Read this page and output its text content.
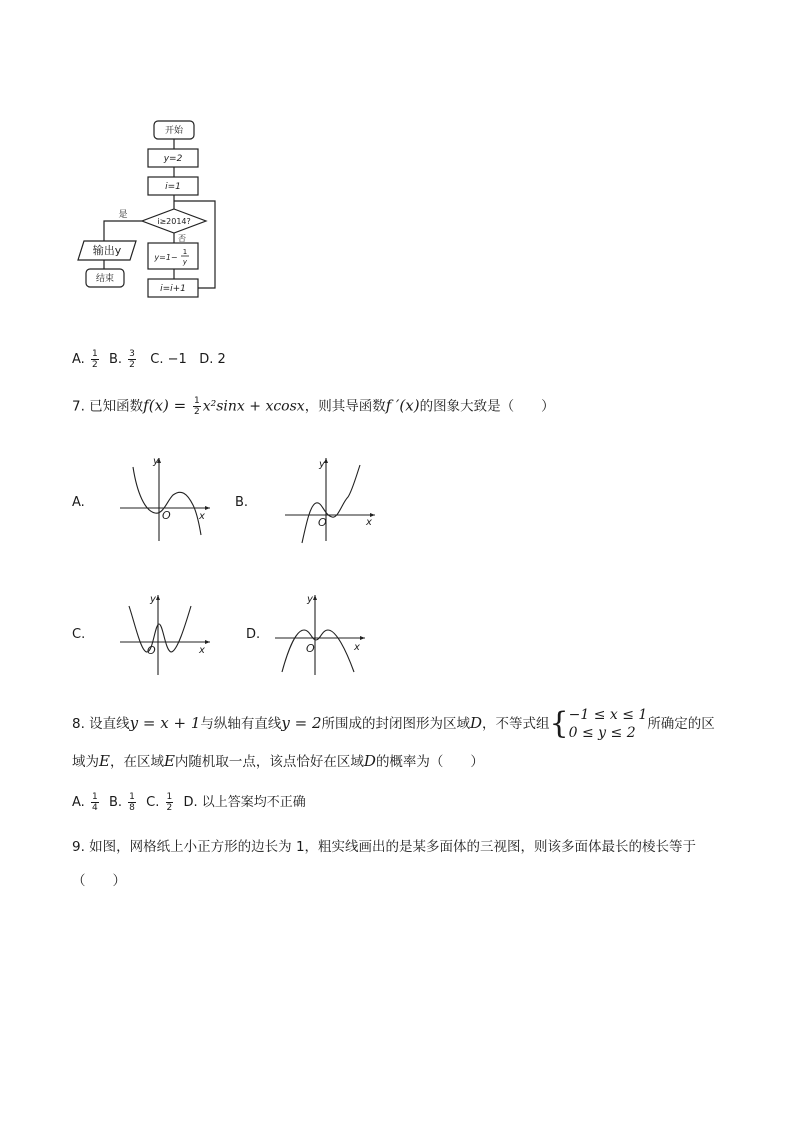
开始
y=2
i=1
i≥2014?
是
否
输出y
结束
y=1−
1
y
i=i+1
A. $\frac{1}{2} B$. $\frac{3}{2} C$. −1 D. 2
7. 已知函数$f(x) = \frac{1}{2} x^2\sin x + xcosx$，则其导函数f ′(x)的图象大致是（　　）
A.	B.
C.	D.
x
y
O
x
y
O
x
y
O	x
y
O
8. 设直线y = x + 1与纵轴有直线y = 2所围成的封闭图形为区域D，不等式组{ −1 ≤ x ≤ 1
0 ≤ y ≤ 2
所确定的区
域为E，在区域E内随机取一点，该点恰好在区域D的概率为（　　）
A. $\frac{1}{4} B$. $\frac{1}{8} C$. $\frac{1}{2} D$. 以上答案均不正确
9. 如图，网格纸上小正方形的边长为 1，粗实线画出的是某多面体的三视图，则该多面体最长的棱长等于
（　　）
